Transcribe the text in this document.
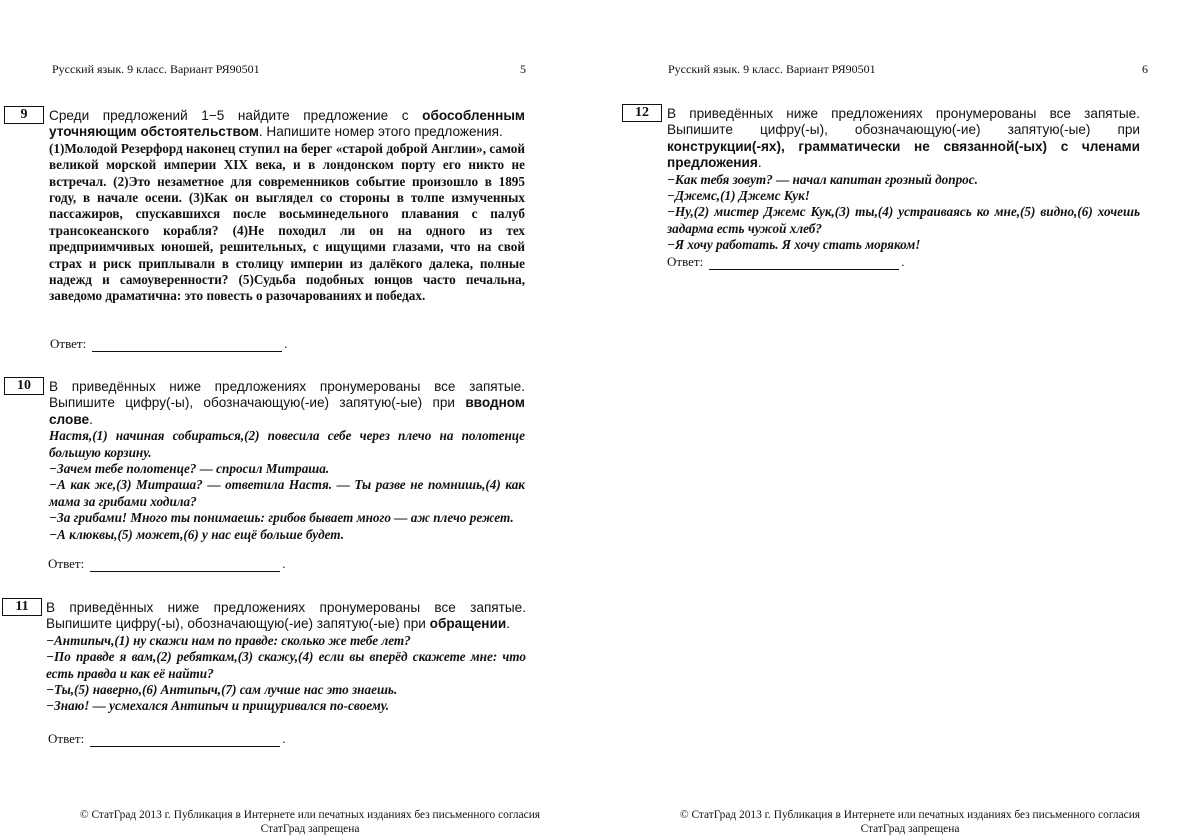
Русский язык. 9 класс. Вариант РЯ90501	5
9 Среди предложений 1−5 найдите предложение с обособленным уточняющим обстоятельством. Напишите номер этого предложения.

(1)Молодой Резерфорд наконец ступил на берег «старой доброй Англии», самой великой морской империи XIX века, и в лондонском порту его никто не встречал. (2)Это незаметное для современников событие произошло в 1895 году, в начале осени. (3)Как он выглядел со стороны в толпе измученных пассажиров, спускавшихся после восьминедельного плавания с палуб трансокеанского корабля? (4)Не походил ли он на одного из тех предприимчивых юношей, решительных, с ищущими глазами, что на свой страх и риск приплывали в столицу империи из далёкого далека, полные надежд и самоуверенности? (5)Судьба подобных юнцов часто печальна, заведомо драматична: это повесть о разочарованиях и победах.

Ответ:	.
10 В приведённых ниже предложениях пронумерованы все запятые. Выпишите цифру(-ы), обозначающую(-ие) запятую(-ые) при вводном слове.

Настя,(1) начиная собираться,(2) повесила себе через плечо на полотенце большую корзину.

−Зачем тебе полотенце? — спросил Митраша.

−А как же,(3) Митраша? — ответила Настя. — Ты разве не помнишь,(4) как мама за грибами ходила?

−За грибами! Много ты понимаешь: грибов бывает много — аж плечо режет.

−А клюквы,(5) может,(6) у нас ещё больше будет.

Ответ:	.
11 В приведённых ниже предложениях пронумерованы все запятые. Выпишите цифру(-ы), обозначающую(-ие) запятую(-ые) при обращении.

−Антипыч,(1) ну скажи нам по правде: сколько же тебе лет?

−По правде я вам,(2) ребяткам,(3) скажу,(4) если вы вперёд скажете мне: что есть правда и как её найти?

−Ты,(5) наверно,(6) Антипыч,(7) сам лучше нас это знаешь.

−Знаю! — усмехался Антипыч и прищуривался по-своему.

Ответ:	.
© СтатГрад 2013 г. Публикация в Интернете или печатных изданиях без письменного согласия
СтатГрад запрещена
Русский язык. 9 класс. Вариант РЯ90501	6
12 В приведённых ниже предложениях пронумерованы все запятые. Выпишите цифру(-ы), обозначающую(-ие) запятую(-ые) при конструкции(-ях), грамматически не связанной(-ых) с членами предложения.

−Как тебя зовут? — начал капитан грозный допрос.

−Джемс,(1) Джемс Кук!

−Ну,(2) мистер Джемс Кук,(3) ты,(4) устраиваясь ко мне,(5) видно,(6) хочешь задарма есть чужой хлеб?

−Я хочу работать. Я хочу стать моряком!

Ответ:	.
© СтатГрад 2013 г. Публикация в Интернете или печатных изданиях без письменного согласия
СтатГрад запрещена
